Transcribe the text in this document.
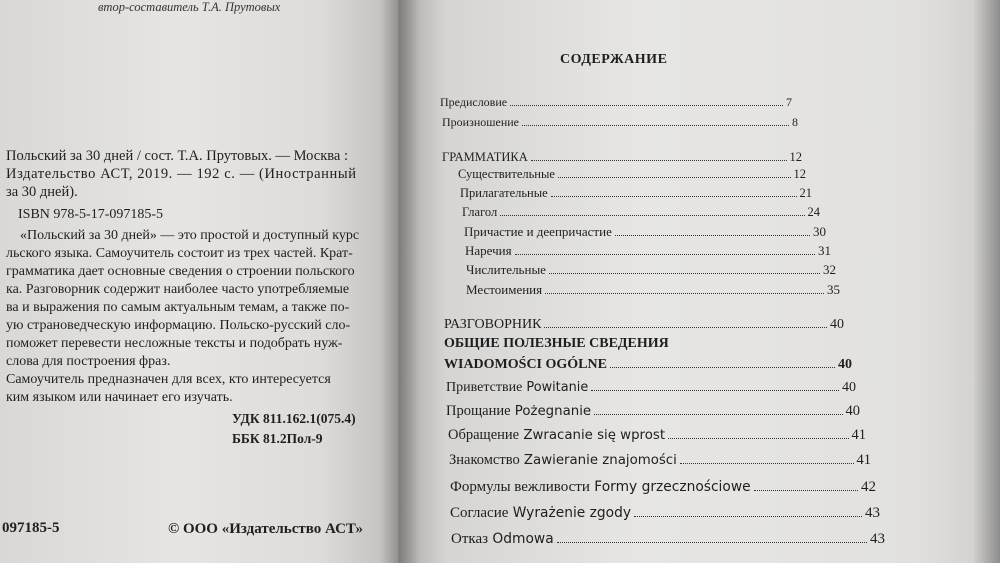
втор-составитель Т.А. Прутовых
Польский за 30 дней / сост. Т.А. Прутовых. — Москва :
Издательство АСТ, 2019. — 192 с. — (Иностранный
за 30 дней).
ISBN 978-5-17-097185-5
«Польский за 30 дней» — это простой и доступный курс
льского языка. Самоучитель состоит из трех частей. Крат-
грамматика дает основные сведения о строении польского
ка. Разговорник содержит наиболее часто употребляемые
ва и выражения по самым актуальным темам, а также по-
ую страноведческую информацию. Польско-русский сло-
поможет перевести несложные тексты и подобрать нуж-
слова для построения фраз.
Самоучитель предназначен для всех, кто интересуется
ким языком или начинает его изучать.
УДК 811.162.1(075.4)
ББК 81.2Пол-9
097185-5	© ООО «Издательство АСТ»
СОДЕРЖАНИЕ
Предисловие	7
Произношение	8
ГРАММАТИКА	12
Существительные	12
Прилагательные	21
Глагол	24
Причастие и деепричастие	30
Наречия	31
Числительные	32
Местоимения	35
РАЗГОВОРНИК	40
ОБЩИЕ ПОЛЕЗНЫЕ СВЕДЕНИЯ
WIADOMOŚCI OGÓLNE	40
Приветствие Powitanie	40
Прощание Pożegnanie	40
Обращение Zwracanie się wprost	41
Знакомство Zawieranie znajomości	41
Формулы вежливости Formy grzecznościowe	42
Согласие Wyrażenie zgody	43
Отказ Odmowa	43
